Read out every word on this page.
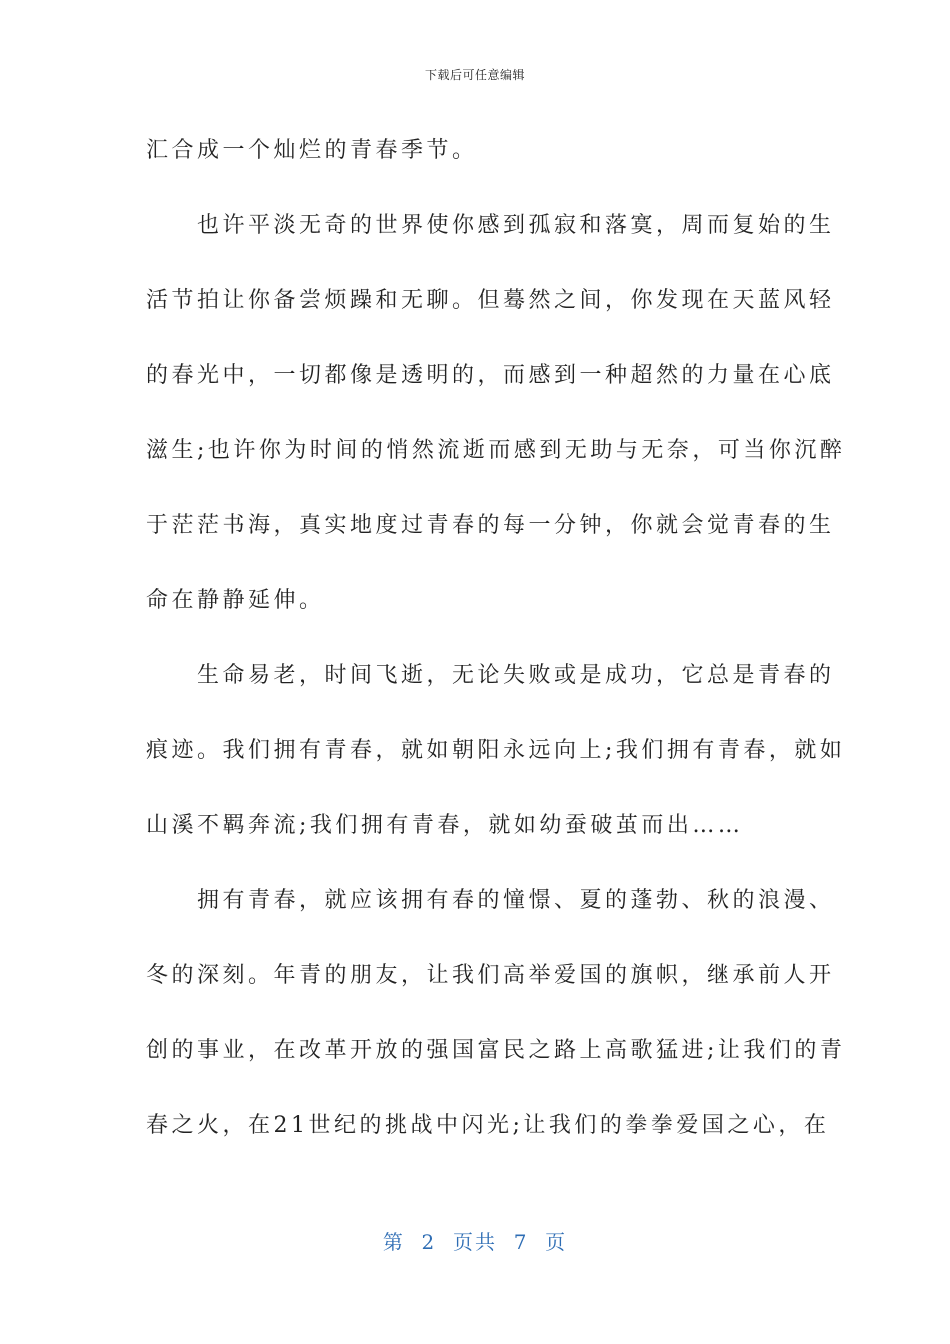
下载后可任意编辑
汇合成一个灿烂的青春季节。
　　也许平淡无奇的世界使你感到孤寂和落寞，周而复始的生
活节拍让你备尝烦躁和无聊。但蓦然之间，你发现在天蓝风轻
的春光中，一切都像是透明的，而感到一种超然的力量在心底
滋生;也许你为时间的悄然流逝而感到无助与无奈，可当你沉醉
于茫茫书海，真实地度过青春的每一分钟，你就会觉青春的生
命在静静延伸。
　　生命易老，时间飞逝，无论失败或是成功，它总是青春的
痕迹。我们拥有青春，就如朝阳永远向上;我们拥有青春，就如
山溪不羁奔流;我们拥有青春，就如幼蚕破茧而出……
　　拥有青春，就应该拥有春的憧憬、夏的蓬勃、秋的浪漫、
冬的深刻。年青的朋友，让我们高举爱国的旗帜，继承前人开
创的事业，在改革开放的强国富民之路上高歌猛进;让我们的青
春之火，在21世纪的挑战中闪光;让我们的拳拳爱国之心，在
第  2  页共  7  页
